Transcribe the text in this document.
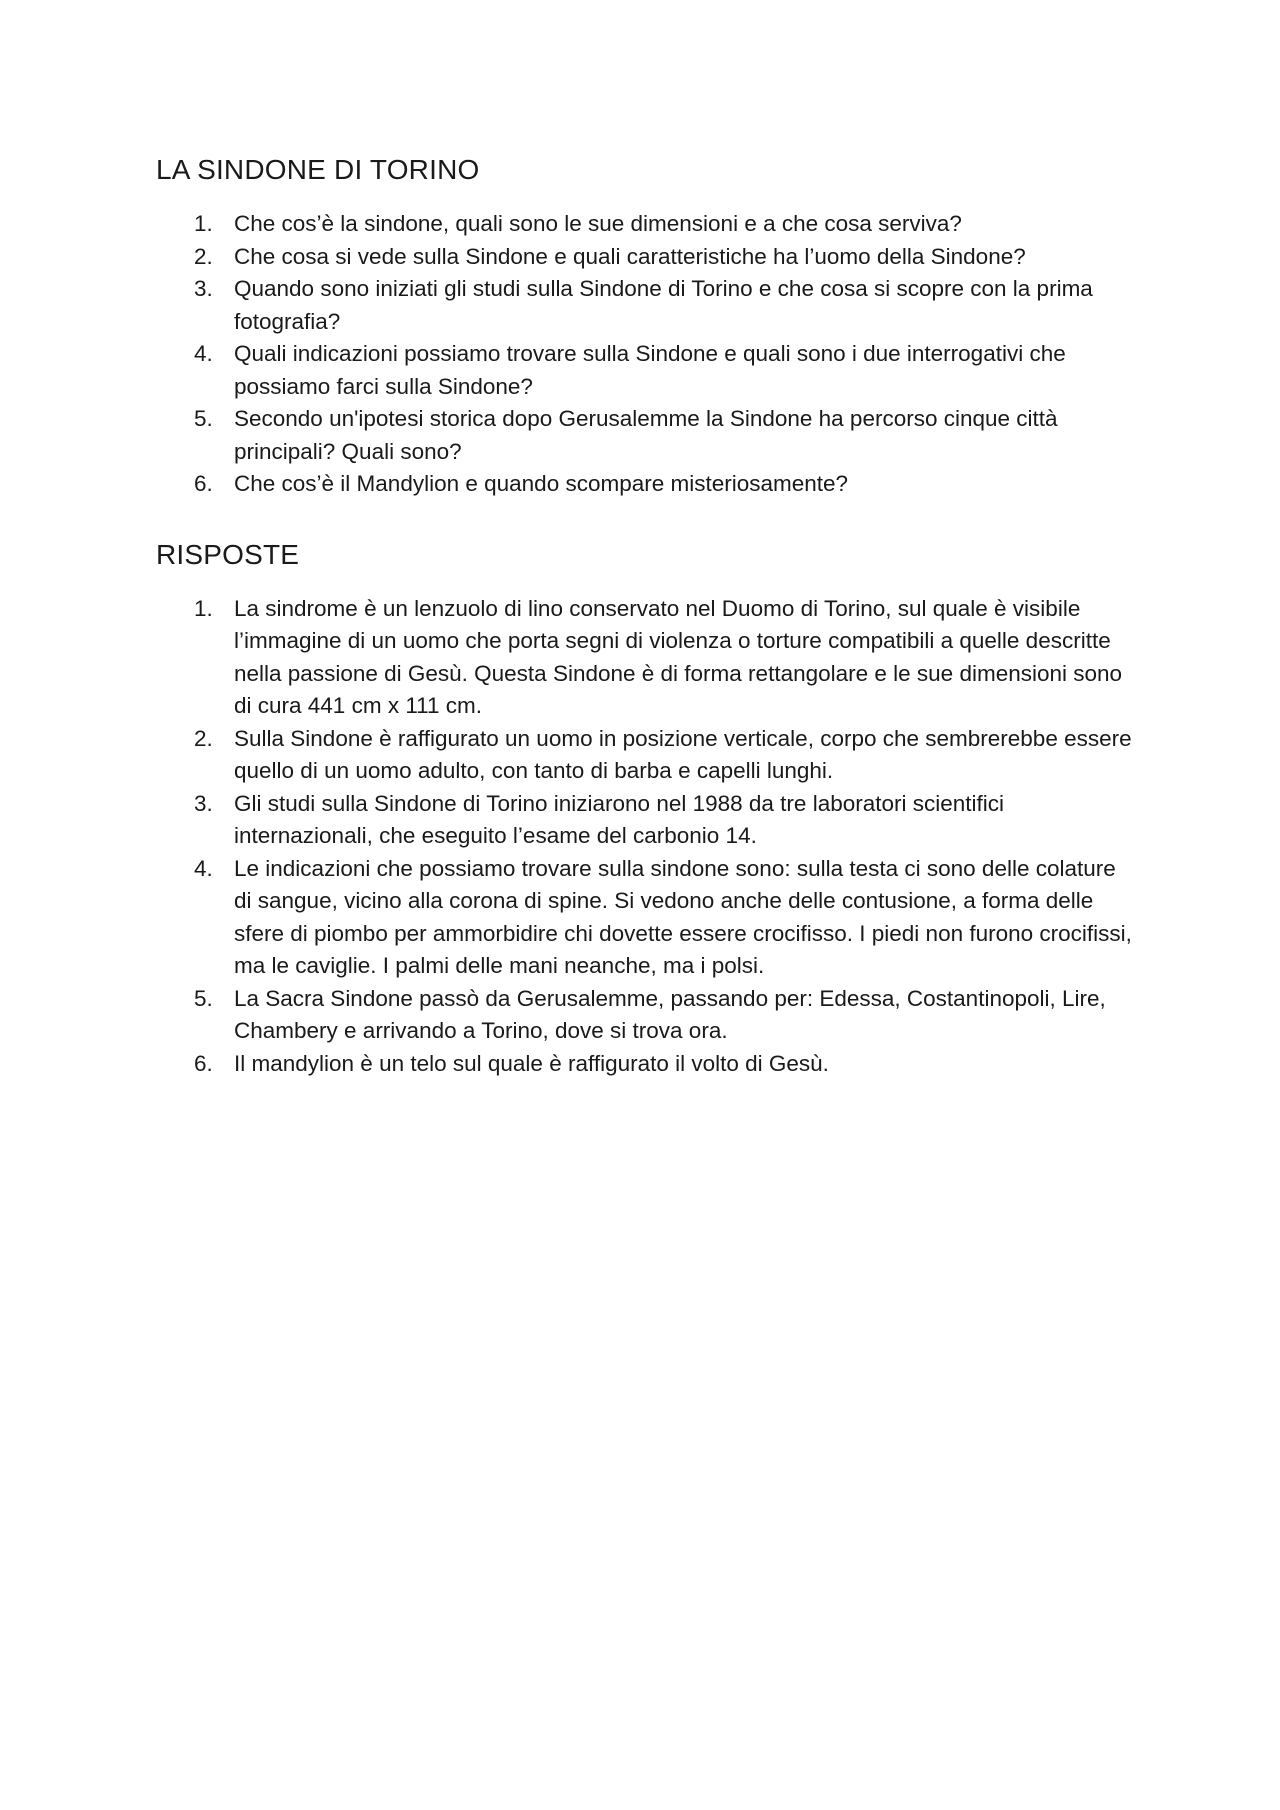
LA SINDONE DI TORINO
1. Che cos’è la sindone, quali sono le sue dimensioni e a che cosa serviva?
2. Che cosa si vede sulla Sindone e quali caratteristiche ha l’uomo della Sindone?
3. Quando sono iniziati gli studi sulla Sindone di Torino e che cosa si scopre con la prima fotografia?
4. Quali indicazioni possiamo trovare sulla Sindone e quali sono i due interrogativi che possiamo farci sulla Sindone?
5. Secondo un'ipotesi storica dopo Gerusalemme la Sindone ha percorso cinque città principali? Quali sono?
6. Che cos’è il Mandylion e quando scompare misteriosamente?
RISPOSTE
1. La sindrome è un lenzuolo di lino conservato nel Duomo di Torino, sul quale è visibile l’immagine di un uomo che porta segni di violenza o torture compatibili a quelle descritte nella passione di Gesù. Questa Sindone è di forma rettangolare e le sue dimensioni sono di cura 441 cm x 111 cm.
2. Sulla Sindone è raffigurato un uomo in posizione verticale, corpo che sembrerebbe essere quello di un uomo adulto, con tanto di barba e capelli lunghi.
3. Gli studi sulla Sindone di Torino iniziarono nel 1988 da tre laboratori scientifici internazionali, che eseguito l’esame del carbonio 14.
4. Le indicazioni che possiamo trovare sulla sindone sono: sulla testa ci sono delle colature di sangue, vicino alla corona di spine. Si vedono anche delle contusione, a forma delle sfere di piombo per ammorbidire chi dovette essere crocifisso. I piedi non furono crocifissi, ma le caviglie. I palmi delle mani neanche, ma i polsi.
5. La Sacra Sindone passò da Gerusalemme, passando per: Edessa, Costantinopoli, Lire, Chambery e arrivando a Torino, dove si trova ora.
6. Il mandylion è un telo sul quale è raffigurato il volto di Gesù.
